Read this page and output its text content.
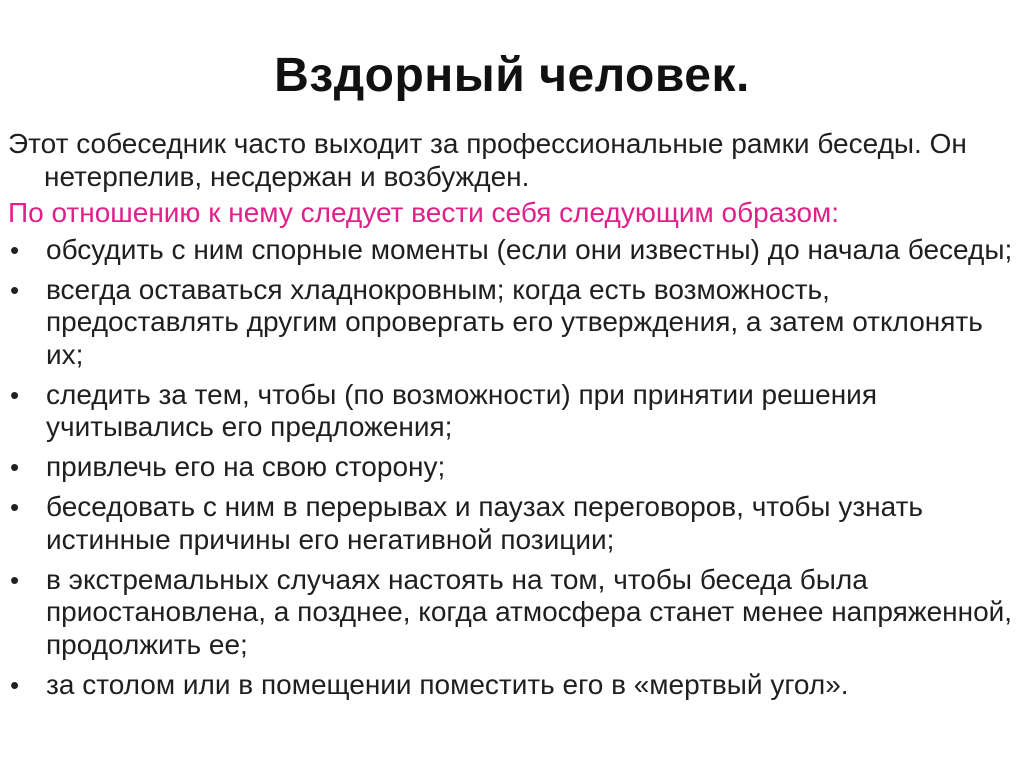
Вздорный человек.

Этот собеседник часто выходит за профессиональные рамки беседы. Он нетерпелив, несдержан и возбужден.

По отношению к нему следует вести себя следующим образом:

• обсудить с ним спорные моменты (если они известны) до начала беседы;
• всегда оставаться хладнокровным; когда есть возможность, предоставлять другим опровергать его утверждения, а затем отклонять их;
• следить за тем, чтобы (по возможности) при принятии решения учитывались его предложения;
• привлечь его на свою сторону;
• беседовать с ним в перерывах и паузах переговоров, чтобы узнать истинные причины его негативной позиции;
• в экстремальных случаях настоять на том, чтобы беседа была приостановлена, а позднее, когда атмосфера станет менее напряженной, продолжить ее;
• за столом или в помещении поместить его в «мертвый угол».
